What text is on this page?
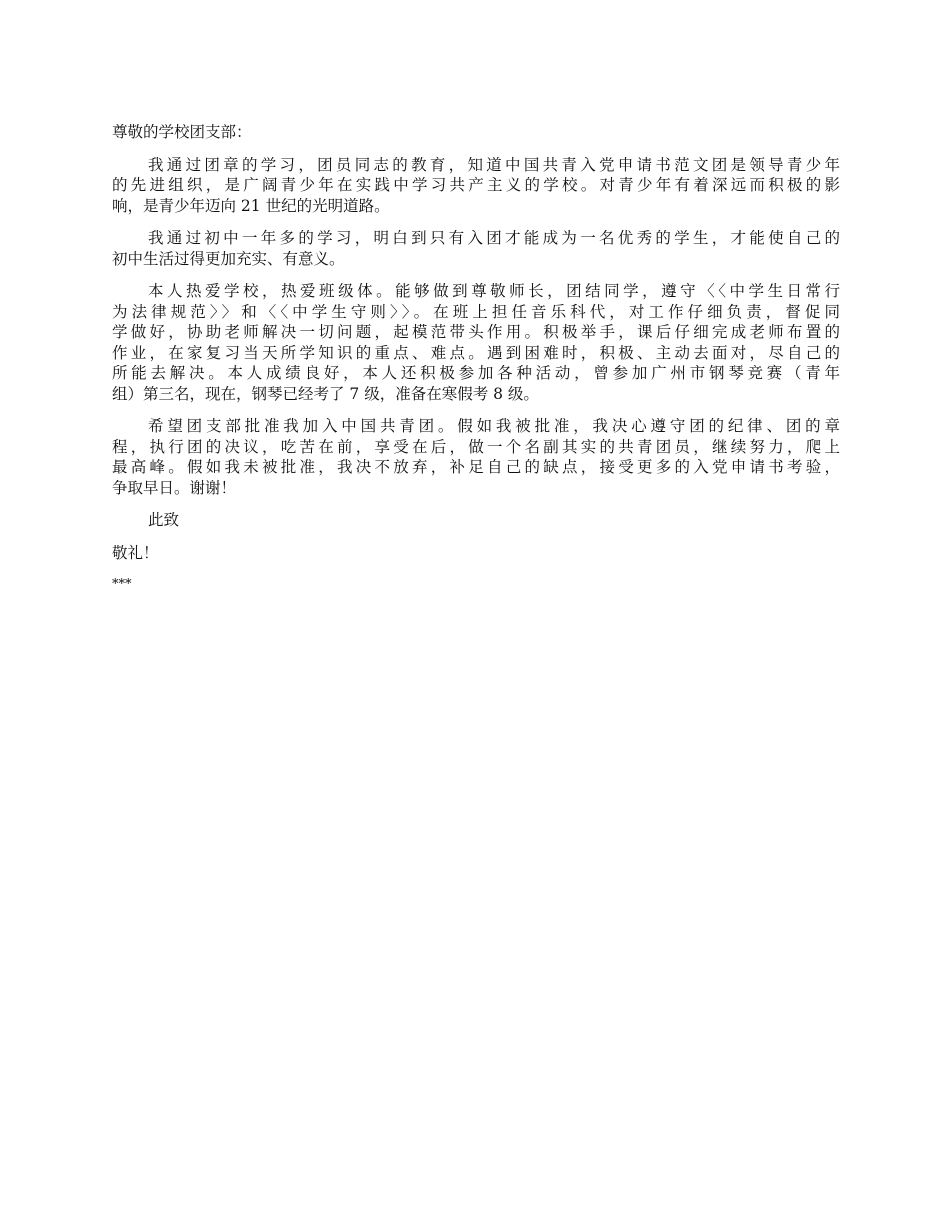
尊敬的学校团支部：
我通过团章的学习，团员同志的教育，知道中国共青入党申请书范文团是领导青少年
的先进组织，是广阔青少年在实践中学习共产主义的学校。对青少年有着深远而积极的影
响，是青少年迈向 21 世纪的光明道路。
我通过初中一年多的学习，明白到只有入团才能成为一名优秀的学生，才能使自己的
初中生活过得更加充实、有意义。
本人热爱学校，热爱班级体。能够做到尊敬师长，团结同学，遵守〈〈中学生日常行
为法律规范〉〉和〈〈中学生守则〉〉。在班上担任音乐科代，对工作仔细负责，督促同
学做好，协助老师解决一切问题，起模范带头作用。积极举手，课后仔细完成老师布置的
作业，在家复习当天所学知识的重点、难点。遇到困难时，积极、主动去面对，尽自己的
所能去解决。本人成绩良好，本人还积极参加各种活动，曾参加广州市钢琴竞赛（青年
组）第三名，现在，钢琴已经考了 7 级，准备在寒假考 8 级。
希望团支部批准我加入中国共青团。假如我被批准，我决心遵守团的纪律、团的章
程，执行团的决议，吃苦在前，享受在后，做一个名副其实的共青团员，继续努力，爬上
最高峰。假如我未被批准，我决不放弃，补足自己的缺点，接受更多的入党申请书考验，
争取早日。谢谢！
此致
敬礼！
***
